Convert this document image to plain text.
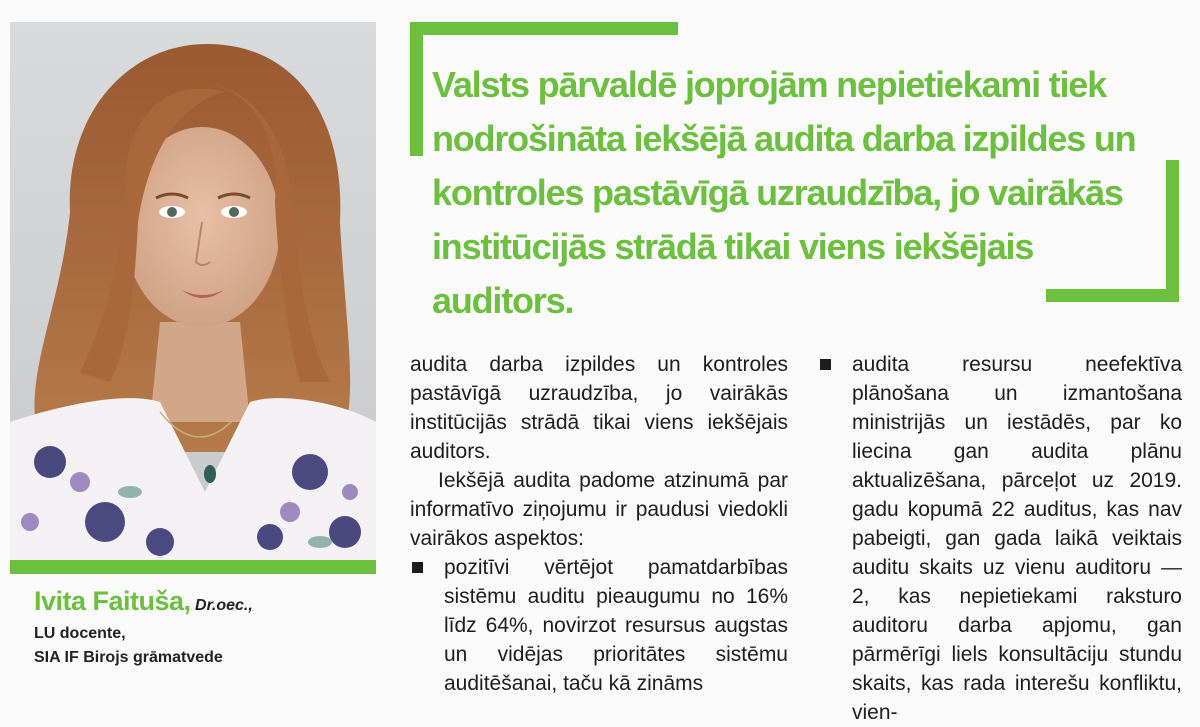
Ivita Faituša, Dr.oec.,

LU docente,

SIA IF Birojs grāmatvede

Valsts pārvaldē joprojām nepietiekami tiek nodrošināta iekšējā audita darba izpildes un kontroles pastāvīgā uzraudzība, jo vairākās institūcijās strādā tikai viens iekšējais auditors.

audita darba izpildes un kontroles pastāvīgā uzraudzība, jo vairākās institūcijās strādā tikai viens iekšējais auditors.

Iekšējā audita padome atzinumā par informatīvo ziņojumu ir paudusi viedokli vairākos aspektos:

pozitīvi vērtējot pamatdarbības sistēmu auditu pieaugumu no 16% līdz 64%, novirzot resursus augstas un vidējas prioritātes sistēmu auditēšanai, taču kā zināms
audita resursu neefektīva plānošana un izmantošana ministrijās un iestādēs, par ko liecina gan audita plānu aktualizēšana, pārceļot uz 2019. gadu kopumā 22 auditus, kas nav pabeigti, gan gada laikā veiktais auditu skaits uz vienu auditoru — 2, kas nepietiekami raksturo auditoru darba apjomu, gan pārmērīgi liels konsultāciju stundu skaits, kas rada interešu konfliktu, vien-
